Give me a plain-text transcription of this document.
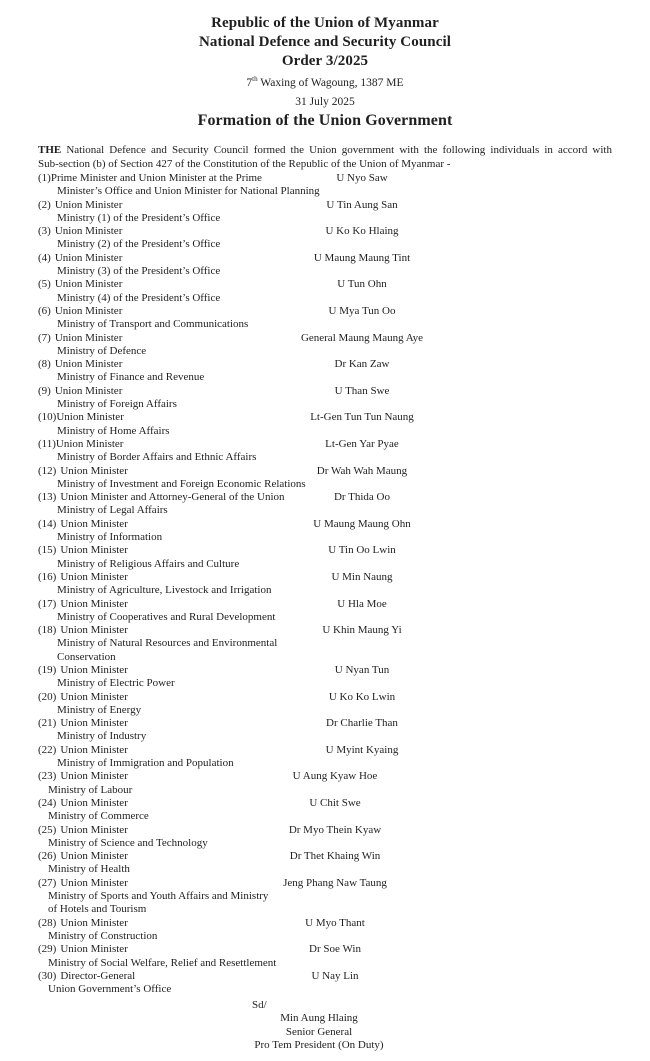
Republic of the Union of Myanmar
National Defence and Security Council
Order 3/2025
7th Waxing of Wagoung, 1387 ME
31 July 2025
Formation of the Union Government
THE National Defence and Security Council formed the Union government with the following individuals in accord with
Sub-section (b) of Section 427 of the Constitution of the Republic of the Union of Myanmar -
(1)Prime Minister and Union Minister at the Prime	U Nyo Saw
Minister’s Office and Union Minister for National Planning
(2) Union Minister	U Tin Aung San
Ministry (1) of the President’s Office
(3) Union Minister	U Ko Ko Hlaing
Ministry (2) of the President’s Office
(4) Union Minister	U Maung Maung Tint
Ministry (3) of the President’s Office
(5) Union Minister	U Tun Ohn
Ministry (4) of the President’s Office
(6) Union Minister	U Mya Tun Oo
Ministry of Transport and Communications
(7) Union Minister	General Maung Maung Aye
Ministry of Defence
(8) Union Minister	Dr Kan Zaw
Ministry of Finance and Revenue
(9) Union Minister	U Than Swe
Ministry of Foreign Affairs
(10)Union Minister	Lt-Gen Tun Tun Naung
Ministry of Home Affairs
(11)Union Minister	Lt-Gen Yar Pyae
Ministry of Border Affairs and Ethnic Affairs
(12) Union Minister	Dr Wah Wah Maung
Ministry of Investment and Foreign Economic Relations
(13) Union Minister and Attorney-General of the Union	Dr Thida Oo
Ministry of Legal Affairs
(14) Union Minister	U Maung Maung Ohn
Ministry of Information
(15) Union Minister	U Tin Oo Lwin
Ministry of Religious Affairs and Culture
(16) Union Minister	U Min Naung
Ministry of Agriculture, Livestock and Irrigation
(17) Union Minister	U Hla Moe
Ministry of Cooperatives and Rural Development
(18) Union Minister	U Khin Maung Yi
Ministry of Natural Resources and Environmental
Conservation
(19) Union Minister	U Nyan Tun
Ministry of Electric Power
(20) Union Minister	U Ko Ko Lwin
Ministry of Energy
(21) Union Minister	Dr Charlie Than
Ministry of Industry
(22) Union Minister	U Myint Kyaing
Ministry of Immigration and Population
(23) Union Minister	U Aung Kyaw Hoe
Ministry of Labour
(24) Union Minister	U Chit Swe
Ministry of Commerce
(25) Union Minister	Dr Myo Thein Kyaw
Ministry of Science and Technology
(26) Union Minister	Dr Thet Khaing Win
Ministry of Health
(27) Union Minister	Jeng Phang Naw Taung
Ministry of Sports and Youth Affairs and Ministry
of Hotels and Tourism
(28) Union Minister	U Myo Thant
Ministry of Construction
(29) Union Minister	Dr Soe Win
Ministry of Social Welfare, Relief and Resettlement
(30) Director-General	U Nay Lin
Union Government’s Office
Sd/
Min Aung Hlaing
Senior General
Pro Tem President (On Duty)
